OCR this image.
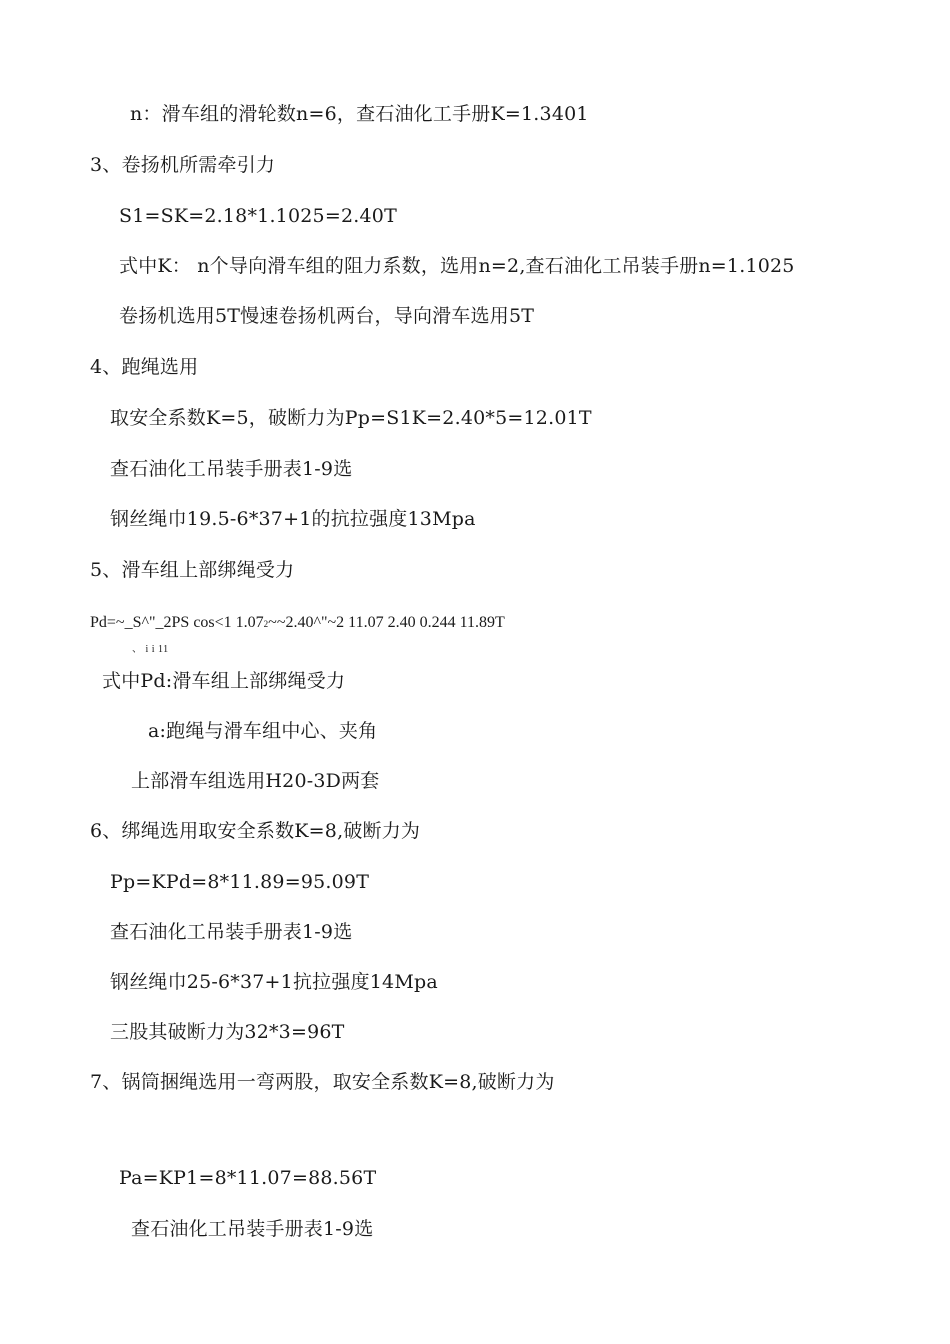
n：滑车组的滑轮数n=6，查石油化工手册K=1.3401
3、卷扬机所需牵引力
S1=SK=2.18*1.1025=2.40T
式中K： n个导向滑车组的阻力系数，选用n=2,查石油化工吊装手册n=1.1025
卷扬机选用5T慢速卷扬机两台，导向滑车选用5T
4、跑绳选用
取安全系数K=5，破断力为Pp=S1K=2.40*5=12.01T
查石油化工吊装手册表1-9选
钢丝绳巾19.5-6*37+1的抗拉强度13Mpa
5、滑车组上部绑绳受力
Pd=~_S^"_2PS cos<1 1.072~~2.40^"~2 11.07 2.40 0.244 11.89T
、 i i 11
式中Pd:滑车组上部绑绳受力
a:跑绳与滑车组中心、夹角
上部滑车组选用H20-3D两套
6、绑绳选用取安全系数K=8,破断力为
Pp=KPd=8*11.89=95.09T
查石油化工吊装手册表1-9选
钢丝绳巾25-6*37+1抗拉强度14Mpa
三股其破断力为32*3=96T
7、锅筒捆绳选用一弯两股，取安全系数K=8,破断力为
Pa=KP1=8*11.07=88.56T
查石油化工吊装手册表1-9选
